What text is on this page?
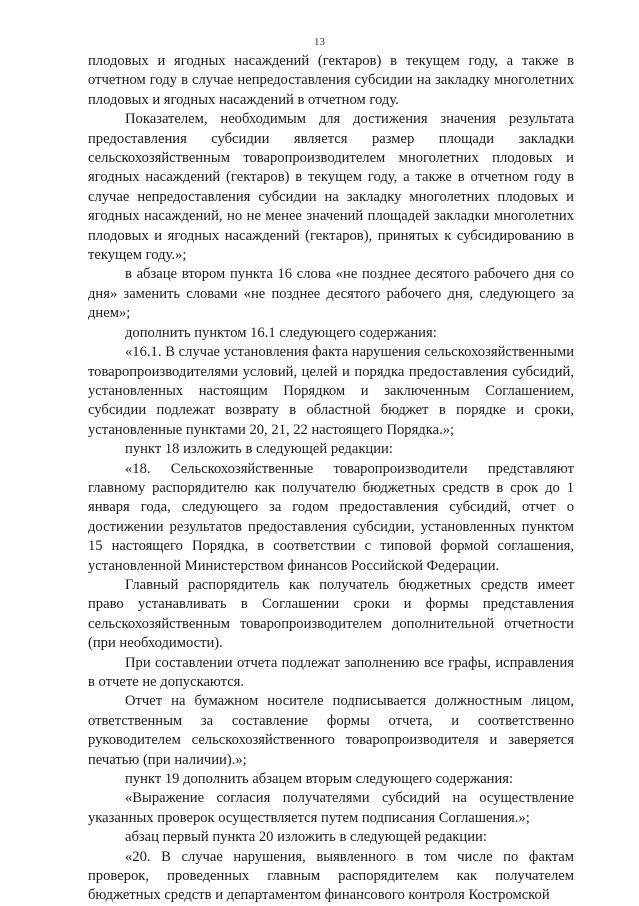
13

плодовых и ягодных насаждений (гектаров) в текущем году, а также в отчетном году в случае непредоставления субсидии на закладку многолетних плодовых и ягодных насаждений в отчетном году.

Показателем, необходимым для достижения значения результата предоставления субсидии является размер площади закладки сельскохозяйственным товаропроизводителем многолетних плодовых и ягодных насаждений (гектаров) в текущем году, а также в отчетном году в случае непредоставления субсидии на закладку многолетних плодовых и ягодных насаждений, но не менее значений площадей закладки многолетних плодовых и ягодных насаждений (гектаров), принятых к субсидированию в текущем году.»;

в абзаце втором пункта 16 слова «не позднее десятого рабочего дня со дня» заменить словами «не позднее десятого рабочего дня, следующего за днем»;

дополнить пунктом 16.1 следующего содержания:

«16.1. В случае установления факта нарушения сельскохозяйственными товаропроизводителями условий, целей и порядка предоставления субсидий, установленных настоящим Порядком и заключенным Соглашением, субсидии подлежат возврату в областной бюджет в порядке и сроки, установленные пунктами 20, 21, 22 настоящего Порядка.»;

пункт 18 изложить в следующей редакции:

«18. Сельскохозяйственные товаропроизводители представляют главному распорядителю как получателю бюджетных средств в срок до 1 января года, следующего за годом предоставления субсидий, отчет о достижении результатов предоставления субсидии, установленных пунктом 15 настоящего Порядка, в соответствии с типовой формой соглашения, установленной Министерством финансов Российской Федерации.

Главный распорядитель как получатель бюджетных средств имеет право устанавливать в Соглашении сроки и формы представления сельскохозяйственным товаропроизводителем дополнительной отчетности (при необходимости).

При составлении отчета подлежат заполнению все графы, исправления в отчете не допускаются.

Отчет на бумажном носителе подписывается должностным лицом, ответственным за составление формы отчета, и соответственно руководителем сельскохозяйственного товаропроизводителя и заверяется печатью (при наличии).»;

пункт 19 дополнить абзацем вторым следующего содержания:

«Выражение согласия получателями субсидий на осуществление указанных проверок осуществляется путем подписания Соглашения.»;

абзац первый пункта 20 изложить в следующей редакции:

«20. В случае нарушения, выявленного в том числе по фактам проверок, проведенных главным распорядителем как получателем бюджетных средств и департаментом финансового контроля Костромской
